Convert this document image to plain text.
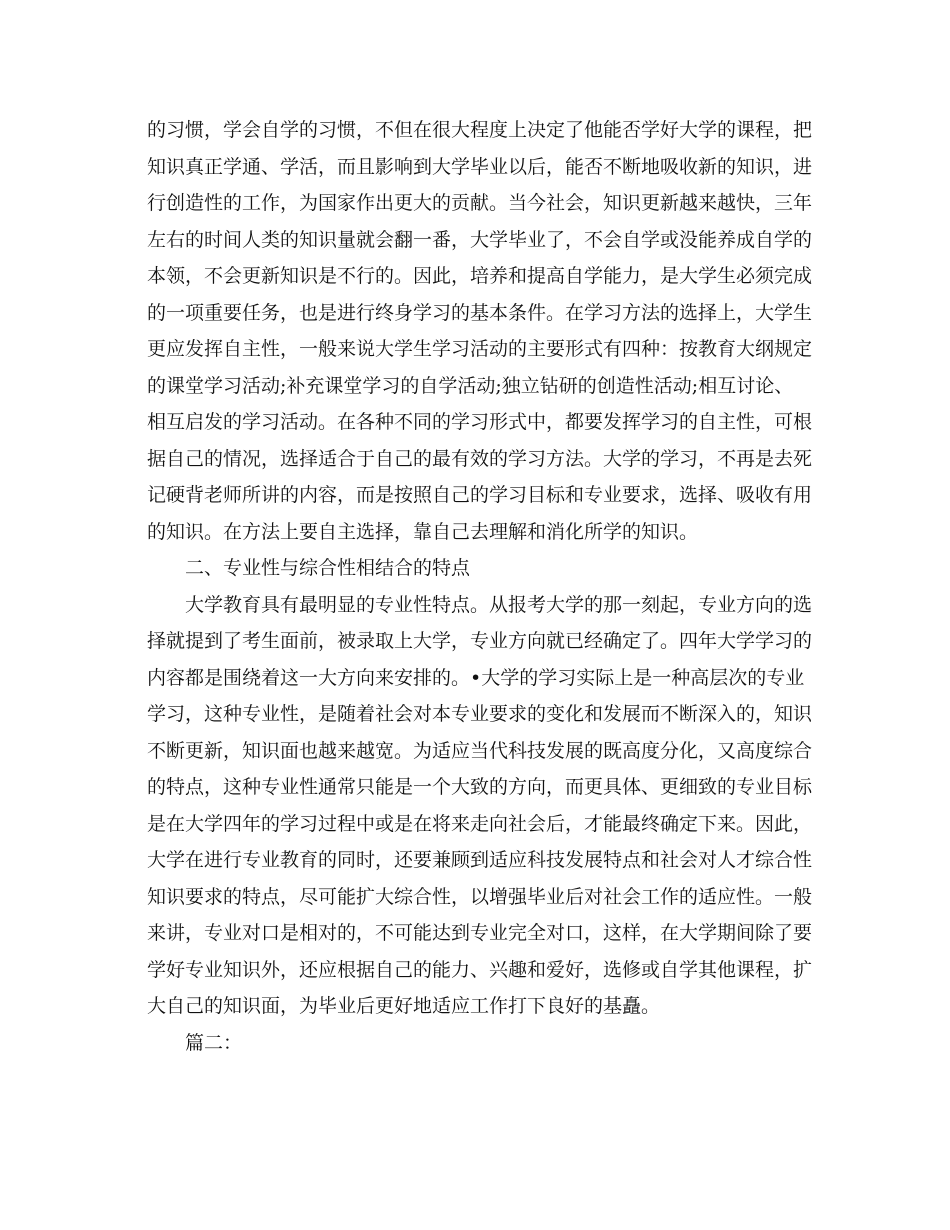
的习惯，学会自学的习惯，不但在很大程度上决定了他能否学好大学的课程，把
知识真正学通、学活，而且影响到大学毕业以后，能否不断地吸收新的知识，进
行创造性的工作，为国家作出更大的贡献。当今社会，知识更新越来越快，三年
左右的时间人类的知识量就会翻一番，大学毕业了，不会自学或没能养成自学的
本领，不会更新知识是不行的。因此，培养和提高自学能力，是大学生必须完成
的一项重要任务，也是进行终身学习的基本条件。在学习方法的选择上，大学生
更应发挥自主性，一般来说大学生学习活动的主要形式有四种：按教育大纲规定
的课堂学习活动;补充课堂学习的自学活动;独立钻研的创造性活动;相互讨论、
相互启发的学习活动。在各种不同的学习形式中，都要发挥学习的自主性，可根
据自己的情况，选择适合于自己的最有效的学习方法。大学的学习，不再是去死
记硬背老师所讲的内容，而是按照自己的学习目标和专业要求，选择、吸收有用
的知识。在方法上要自主选择，靠自己去理解和消化所学的知识。
二、专业性与综合性相结合的特点
大学教育具有最明显的专业性特点。从报考大学的那一刻起，专业方向的选
择就提到了考生面前，被录取上大学，专业方向就已经确定了。四年大学学习的
内容都是围绕着这一大方向来安排的。•大学的学习实际上是一种高层次的专业
学习，这种专业性，是随着社会对本专业要求的变化和发展而不断深入的，知识
不断更新，知识面也越来越宽。为适应当代科技发展的既高度分化，又高度综合
的特点，这种专业性通常只能是一个大致的方向，而更具体、更细致的专业目标
是在大学四年的学习过程中或是在将来走向社会后，才能最终确定下来。因此，
大学在进行专业教育的同时，还要兼顾到适应科技发展特点和社会对人才综合性
知识要求的特点，尽可能扩大综合性，以增强毕业后对社会工作的适应性。一般
来讲，专业对口是相对的，不可能达到专业完全对口，这样，在大学期间除了要
学好专业知识外，还应根据自己的能力、兴趣和爱好，选修或自学其他课程，扩
大自己的知识面，为毕业后更好地适应工作打下良好的基矗。
篇二：
